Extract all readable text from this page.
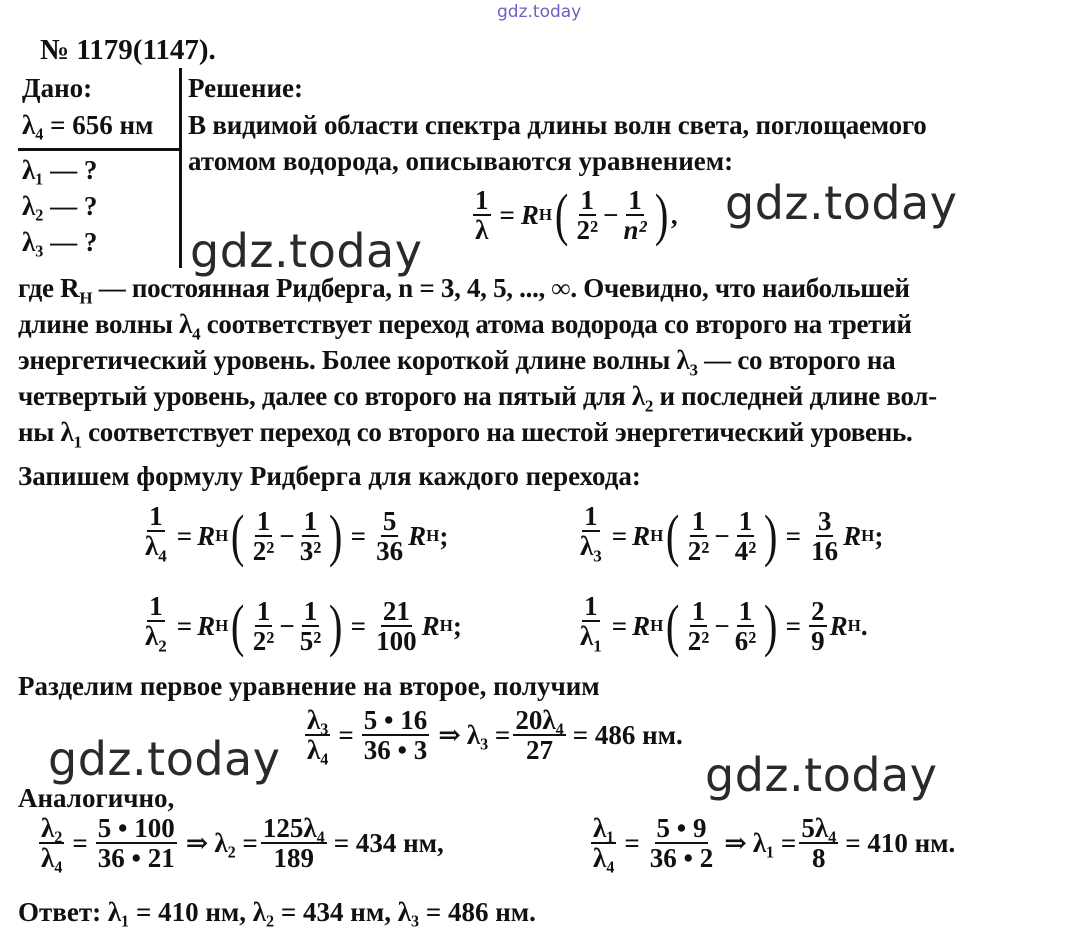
gdz.today
№ 1179(1147).
Дано:
λ₄ = 656 нм
λ₁ — ?
λ₂ — ?
λ₃ — ?
Решение:
В видимой области спектра длины волн света, поглощаемого
атомом водорода, описываются уравнением:
$\frac{1}{\lambda} = R$ H ( 1
2²
− $\frac{1}{\text{n²}}$ ) , gdz.today
gdz.today
где $R_H$ — постоянная Ридберга, n = 3, 4, 5, ..., ∞. Очевидно, что наибольшей
длине волны $\lambda_4$ соответствует переход атома водорода со второго на третий
энергетический уровень. Более короткой длине волны $\lambda_3$ — со второго на
четвертый уровень, далее со второго на пятый для $\lambda_2$ и последней длине вол-
ны $\lambda_1$ соответствует переход со второго на шестой энергетический уровень.
Запишем формулу Ридберга для каждого перехода:
$\frac{1}{\lambda_4} = R$ H ( 1
2²
− 1
3² ) = $\frac{5}{36}$ R H ;	$\frac{1}{\lambda_3} = R$ H ( 1
2²
− 1
4² ) = $\frac{3}{16}$ R H ;
$\frac{1}{\lambda_2} = R$ H ( 1
2²
− 1
5² ) = $\frac{21}{100}$ R H ;	$\frac{1}{\lambda_1} = R$ H ( 1
2²
− 1
6² ) = $\frac{2}{9}$ R H .
Разделим первое уравнение на второе, получим
$\frac{\text{λ₃}}{\text{λ₄}} = \frac{5 • 16}{36 • 3}$ ⇒ $\lambda_3 = \frac{\text{20λ₄}}{27} = 486$ нм.
gdz.today	gdz.today
Аналогично,
$\frac{\text{λ₂}}{\text{λ₄}} = \frac{5 • 100}{36 • 21}$ ⇒ $\lambda_2 = \frac{\text{125λ₄}}{189} = 434$ нм,	$\frac{\text{λ₁}}{\text{λ₄}} = \frac{5 • 9}{36 • 2}$ ⇒ $\lambda_1 = \frac{\text{5λ₄}}{8} = 410$ нм.
Ответ: λ₁ = 410 нм, λ₂ = 434 нм, λ₃ = 486 нм.
